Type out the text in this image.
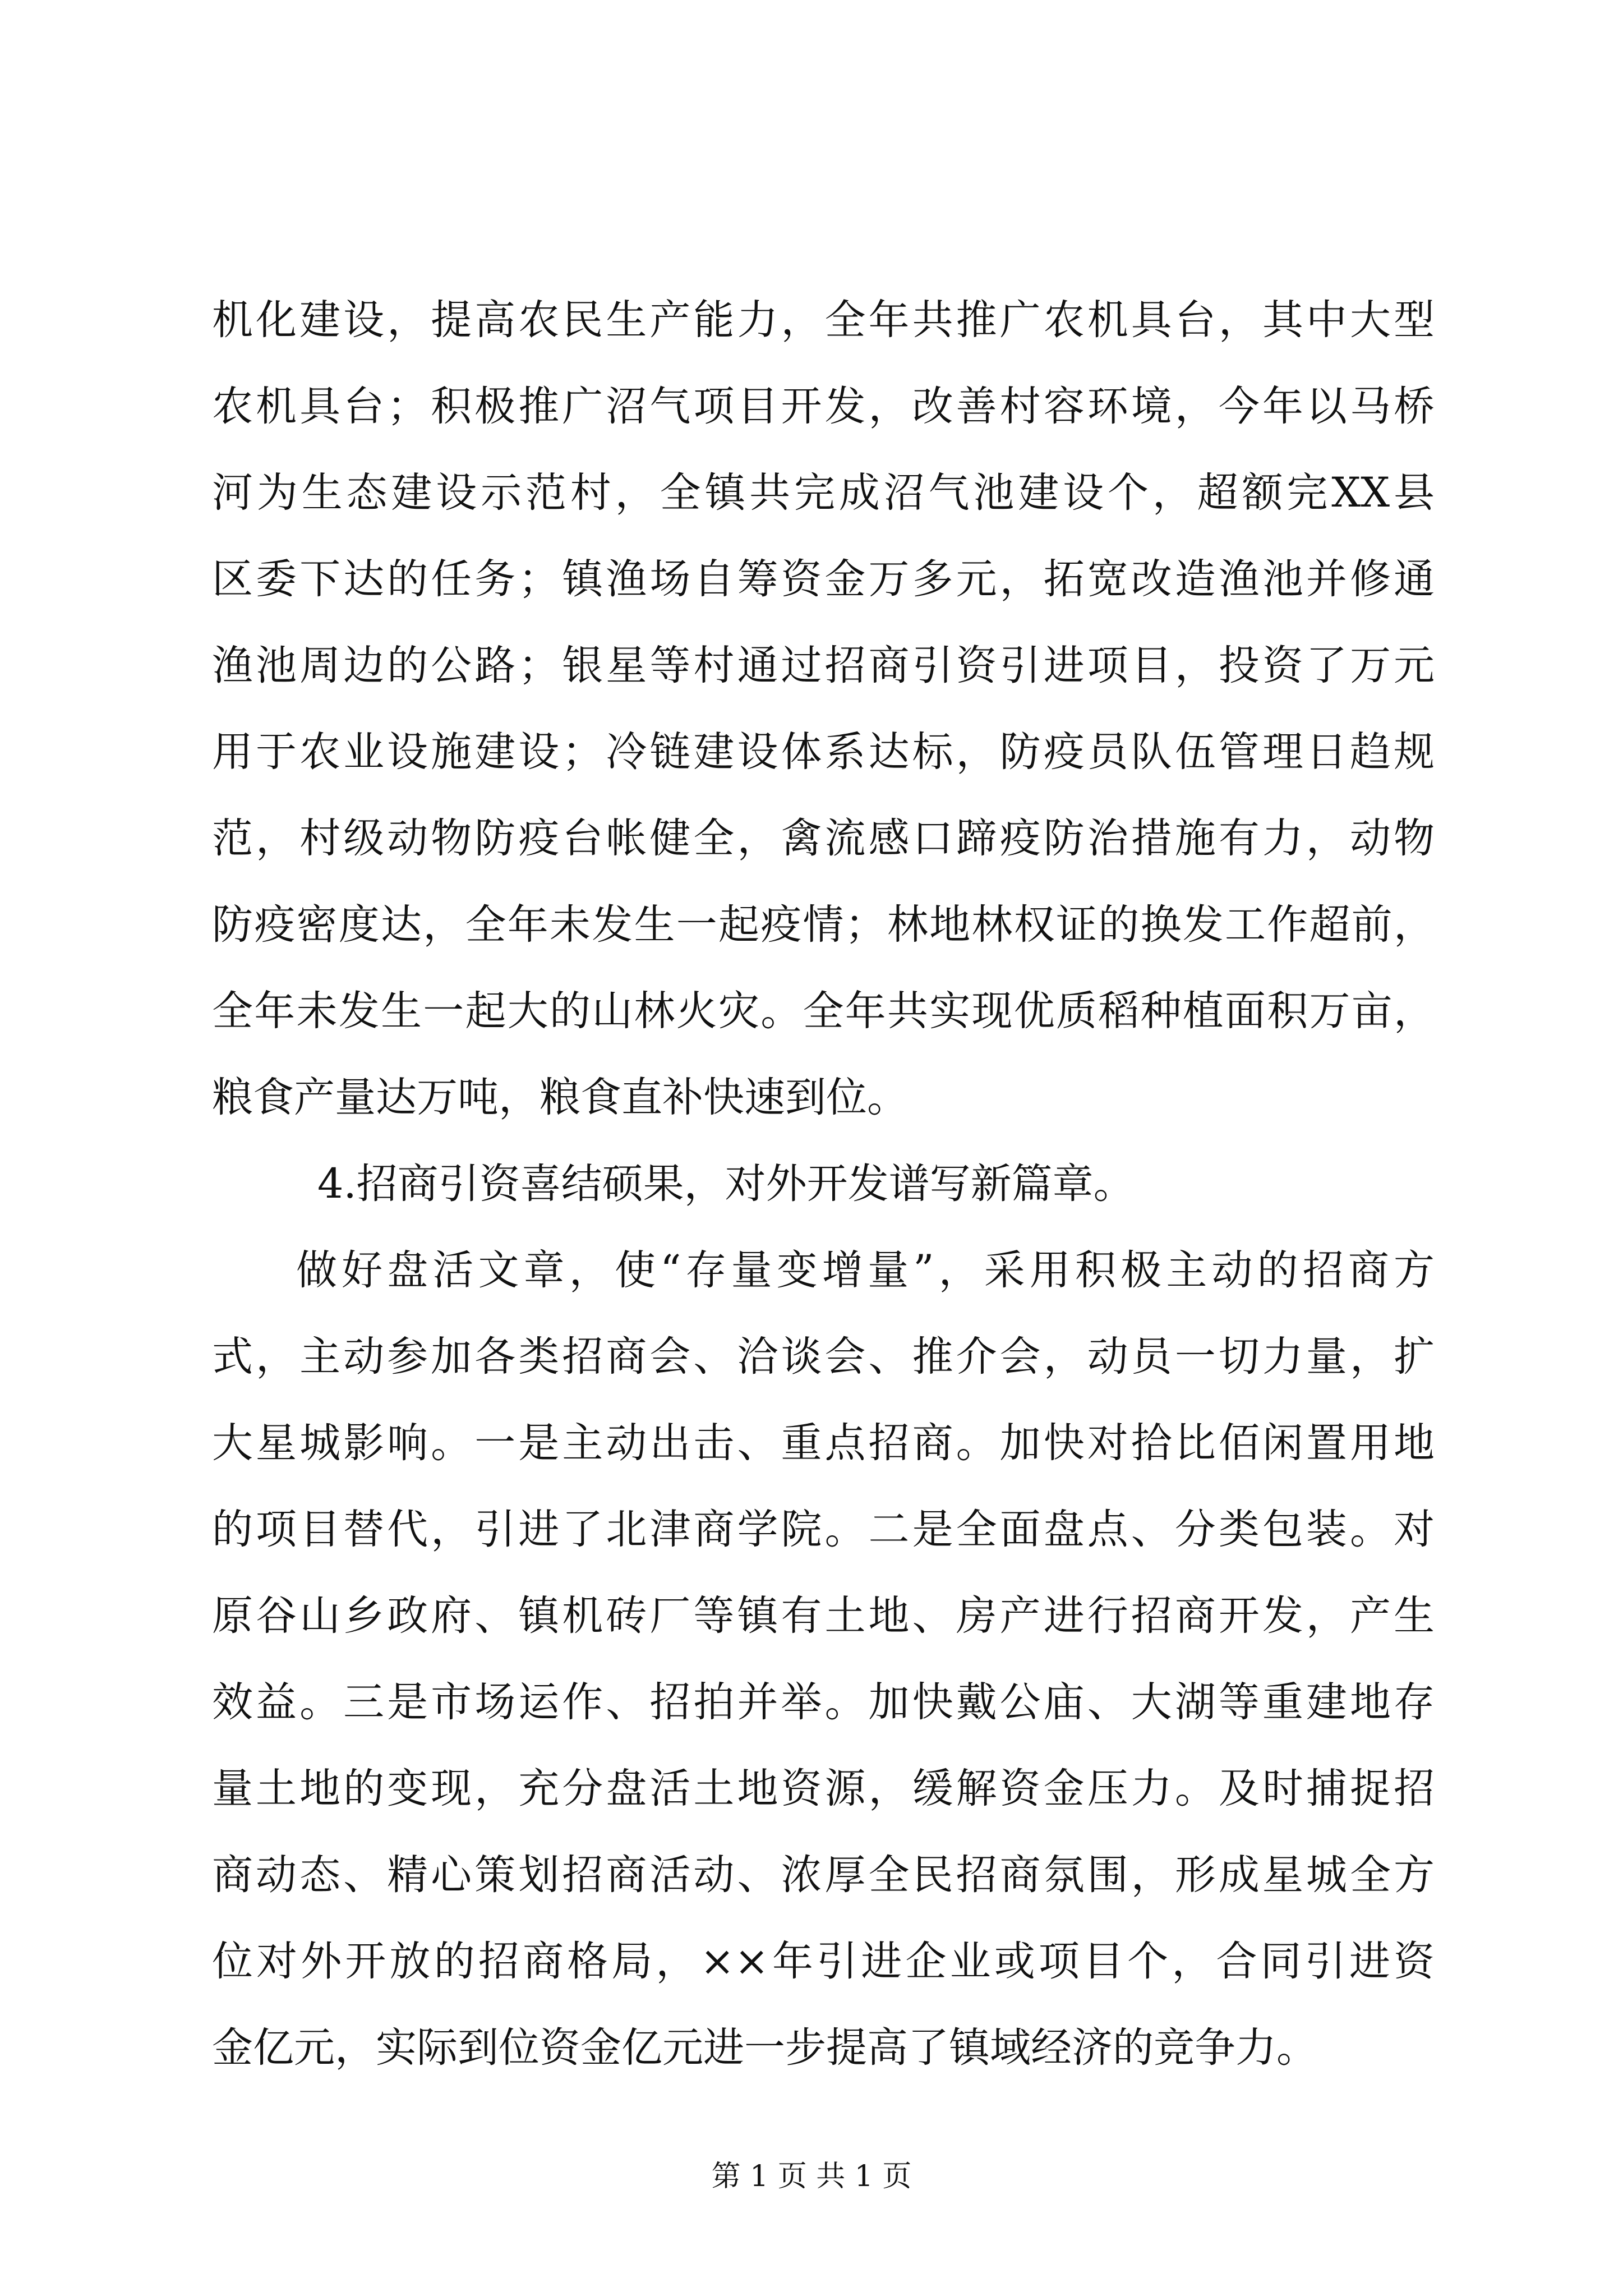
机化建设，提高农民生产能力，全年共推广农机具台，其中大型
农机具台；积极推广沼气项目开发，改善村容环境，今年以马桥
河为生态建设示范村，全镇共完成沼气池建设个，超额完XX县
区委下达的任务；镇渔场自筹资金万多元，拓宽改造渔池并修通
渔池周边的公路；银星等村通过招商引资引进项目，投资了万元
用于农业设施建设；冷链建设体系达标，防疫员队伍管理日趋规
范，村级动物防疫台帐健全，禽流感口蹄疫防治措施有力，动物
防疫密度达，全年未发生一起疫情；林地林权证的换发工作超前，
全年未发生一起大的山林火灾。全年共实现优质稻种植面积万亩，
粮食产量达万吨，粮食直补快速到位。
4.招商引资喜结硕果，对外开发谱写新篇章。
做好盘活文章，使“存量变增量”，采用积极主动的招商方
式，主动参加各类招商会、洽谈会、推介会，动员一切力量，扩
大星城影响。一是主动出击、重点招商。加快对拾比佰闲置用地
的项目替代，引进了北津商学院。二是全面盘点、分类包装。对
原谷山乡政府、镇机砖厂等镇有土地、房产进行招商开发，产生
效益。三是市场运作、招拍并举。加快戴公庙、大湖等重建地存
量土地的变现，充分盘活土地资源，缓解资金压力。及时捕捉招
商动态、精心策划招商活动、浓厚全民招商氛围，形成星城全方
位对外开放的招商格局，××年引进企业或项目个，合同引进资
金亿元，实际到位资金亿元进一步提高了镇域经济的竞争力。
第 1 页 共 1 页
